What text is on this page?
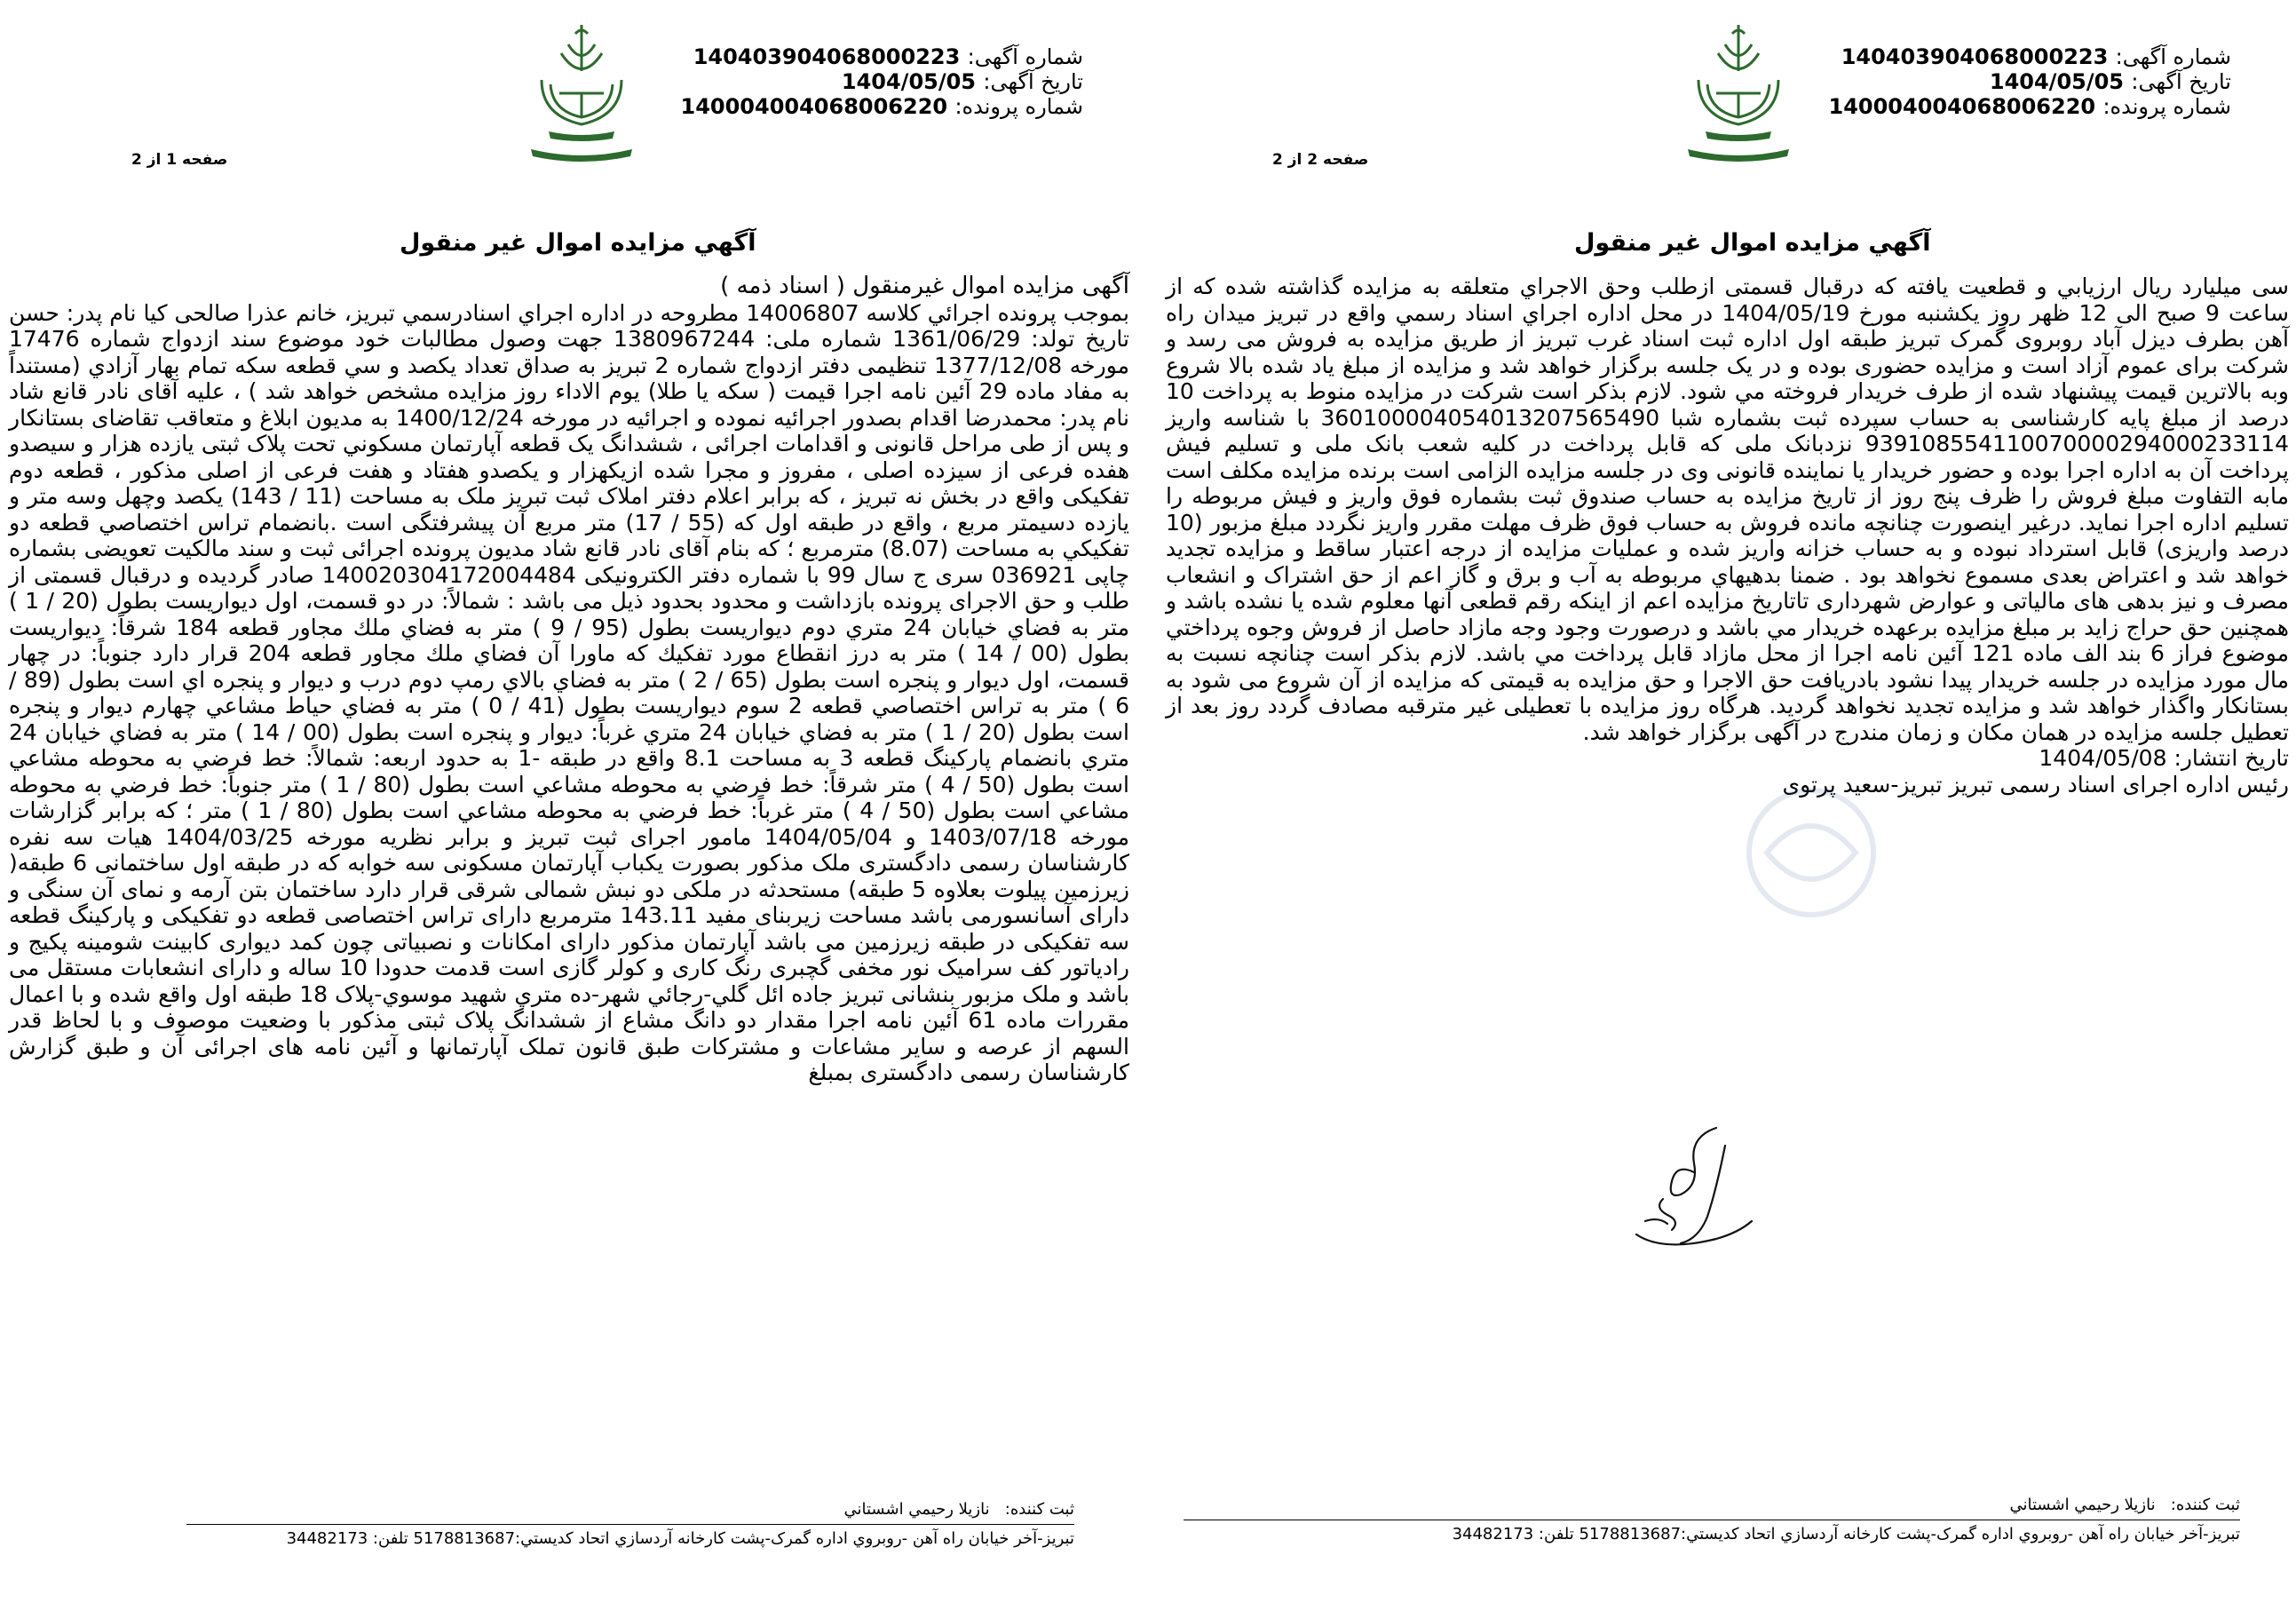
شماره آگهی: 140403904068000223
تاریخ آگهی: 1404/05/05
شماره پرونده: 140004004068006220
صفحه 1 از 2
آگهي مزايده اموال غير منقول

آگهی مزایده اموال غیرمنقول ( اسناد ذمه )

بموجب پرونده اجرائي کلاسه 14006807 مطروحه در اداره اجراي اسنادرسمي تبريز، خانم عذرا صالحی کیا نام پدر: حسن تاریخ تولد: 1361/06/29 شماره ملی: 1380967244 جهت وصول مطالبات خود موضوع سند ازدواج شماره 17476 مورخه 1377/12/08 تنظیمی دفتر ازدواج شماره 2 تبریز به صداق تعداد يكصد و سي قطعه سكه تمام بهار آزادي (مستنداً به مفاد ماده 29 آئين نامه اجرا قيمت ( سكه يا طلا) يوم الاداء روز مزايده مشخص خواهد شد ) ، علیه آقای نادر قانع شاد نام پدر: محمدرضا اقدام بصدور اجرائیه نموده و اجرائیه در مورخه 1400/12/24 به مدیون ابلاغ و متعاقب تقاضای بستانکار و پس از طی مراحل قانونی و اقدامات اجرائی ، ششدانگ یک قطعه آپارتمان مسکوني تحت پلاک ثبتی یازده هزار و سیصدو هفده فرعی از سیزده اصلی ، مفروز و مجرا شده ازیکهزار و یکصدو هفتاد و هفت فرعی از اصلی مذکور ، قطعه دوم تفکیکی واقع در بخش نه تبریز ، که برابر اعلام دفتر املاک ثبت تبریز ملک به مساحت (11 / 143) یکصد وچهل وسه متر و یازده دسیمتر مربع ، واقع در طبقه اول که (55 / 17) متر مربع آن پیشرفتگی است .بانضمام تراس اختصاصي قطعه دو تفکیکي به مساحت (8.07) مترمربع ؛ که بنام آقای نادر قانع شاد مدیون پرونده اجرائی ثبت و سند مالکیت تعویضی بشماره چاپی 036921 سری ج سال 99 با شماره دفتر الکترونیکی 140020304172004484 صادر گردیده و درقبال قسمتی از طلب و حق الاجرای پرونده بازداشت و محدود بحدود ذیل می باشد : شمالاً: در دو قسمت، اول ديواريست بطول (20 / 1 ) متر به فضاي خيابان 24 متري دوم ديواريست بطول (95 / 9 ) متر به فضاي ملك مجاور قطعه 184 شرقاً: ديواريست بطول (00 / 14 ) متر به درز انقطاع مورد تفكيك كه ماورا آن فضاي ملك مجاور قطعه 204 قرار دارد جنوباً: در چهار قسمت، اول ديوار و پنجره است بطول (65 / 2 ) متر به فضاي بالاي رمپ دوم درب و ديوار و پنجره اي است بطول (89 / 6 ) متر به تراس اختصاصي قطعه 2 سوم ديواريست بطول (41 / 0 ) متر به فضاي حياط مشاعي چهارم ديوار و پنجره است بطول (20 / 1 ) متر به فضاي خيابان 24 متري غرباً: ديوار و پنجره است بطول (00 / 14 ) متر به فضاي خيابان 24 متري بانضمام پاركينگ قطعه 3 به مساحت 8.1 واقع در طبقه -1 به حدود اربعه: شمالاً: خط فرضي به محوطه مشاعي است بطول (50 / 4 ) متر شرقاً: خط فرضي به محوطه مشاعي است بطول (80 / 1 ) متر جنوباً: خط فرضي به محوطه مشاعي است بطول (50 / 4 ) متر غرباً: خط فرضي به محوطه مشاعي است بطول (80 / 1 ) متر ؛ که برابر گزارشات مورخه 1403/07/18 و 1404/05/04 مامور اجرای ثبت تبریز و برابر نظریه مورخه 1404/03/25 هیات سه نفره کارشناسان رسمی دادگستری ملک مذکور بصورت یکباب آپارتمان مسکونی سه خوابه که در طبقه اول ساختمانی 6 طبقه( زیرزمین پیلوت بعلاوه 5 طبقه) مستحدثه در ملکی دو نبش شمالی شرقی قرار دارد ساختمان بتن آرمه و نمای آن سنگی و دارای آسانسورمی باشد مساحت زیربنای مفید 143.11 مترمربع دارای تراس اختصاصی قطعه دو تفکیکی و پارکینگ قطعه سه تفکیکی در طبقه زیرزمین می باشد آپارتمان مذکور دارای امکانات و نصبیاتی چون کمد دیواری کابینت شومینه پکیج و رادیاتور کف سرامیک نور مخفی گچبری رنگ کاری و کولر گازی است قدمت حدودا 10 ساله و دارای انشعابات مستقل می باشد و ملک مزبور بنشانی تبریز جاده ائل گلي-رجائي شهر-ده متري شهيد موسوي-پلاک 18 طبقه اول واقع شده و با اعمال مقررات ماده 61 آئین نامه اجرا مقدار دو دانگ مشاع از ششدانگ پلاک ثبتی مذکور با وضعیت موصوف و با لحاظ قدر السهم از عرصه و سایر مشاعات و مشترکات طبق قانون تملک آپارتمانها و آئین نامه های اجرائی آن و طبق گزارش کارشناسان رسمی دادگستری بمبلغ

ثبت کننده:   نازیلا رحیمي اشستاني
تبريز-آخر خيابان راه آهن -روبروي اداره گمرک-پشت کارخانه آردسازي اتحاد کديستي:5178813687 تلفن: 34482173
شماره آگهی: 140403904068000223
تاریخ آگهی: 1404/05/05
شماره پرونده: 140004004068006220
صفحه 2 از 2
آگهي مزايده اموال غير منقول

سی میلیارد ریال ارزيابي و قطعيت يافته که درقبال قسمتی ازطلب وحق الاجراي متعلقه به مزايده گذاشته شده که از ساعت 9 صبح الی 12 ظهر روز یکشنبه مورخ 1404/05/19 در محل اداره اجراي اسناد رسمي واقع در تبریز میدان راه آهن بطرف دیزل آباد روبروی گمرک تبریز طبقه اول اداره ثبت اسناد غرب تبریز از طريق مزايده به فروش می رسد و شرکت برای عموم آزاد است و مزایده حضوری بوده و در یک جلسه برگزار خواهد شد و مزايده از مبلغ ياد شده بالا شروع وبه بالاترين قيمت پيشنهاد شده از طرف خريدار فروخته مي شود. لازم بذکر است شرکت در مزایده منوط به پرداخت 10 درصد از مبلغ پایه کارشناسی به حساب سپرده ثبت بشماره شبا 360100004054013207565490 با شناسه واریز 939108554110070000294000233114 نزدبانک ملی که قابل پرداخت در کلیه شعب بانک ملی و تسلیم فیش پرداخت آن به اداره اجرا بوده و حضور خریدار یا نماینده قانونی وی در جلسه مزایده الزامی است برنده مزايده مکلف است مابه التفاوت مبلغ فروش را ظرف پنج روز از تاريخ مزايده به حساب صندوق ثبت بشماره فوق واریز و فیش مربوطه را تسليم اداره اجرا نمايد. درغیر اینصورت چنانچه مانده فروش به حساب فوق ظرف مهلت مقرر واریز نگردد مبلغ مزبور (10 درصد واریزی) قابل استرداد نبوده و به حساب خزانه واریز شده و عملیات مزایده از درجه اعتبار ساقط و مزايده تجديد خواهد شد و اعتراض بعدی مسموع نخواهد بود . ضمنا بدهيهاي مربوطه به آب و برق و گاز اعم از حق اشتراک و انشعاب مصرف و نيز بدهی های مالیاتی و عوارض شهرداری تاتاریخ مزایده اعم از اینکه رقم قطعی آنها معلوم شده یا نشده باشد و همچنين حق حراج زايد بر مبلغ مزايده برعهده خريدار مي باشد و درصورت وجود وجه مازاد حاصل از فروش وجوه پرداختي موضوع فراز 6 بند الف ماده 121 آئين نامه اجرا از محل مازاد قابل پرداخت مي باشد. لازم بذکر است چنانچه نسبت به مال مورد مزايده در جلسه خريدار پيدا نشود بادريافت حق الاجرا و حق مزايده به قيمتی که مزايده از آن شروع می شود به بستانکار واگذار خواهد شد و مزايده تجديد نخواهد گرديد. هرگاه روز مزايده با تعطيلی غير مترقبه مصادف گردد روز بعد از تعطيل جلسه مزايده در همان مکان و زمان مندرج در آگهی برگزار خواهد شد.

تاریخ انتشار: 1404/05/08

رئیس اداره اجرای اسناد رسمی تبریز تبریز-سعید پرتوی

ثبت کننده:   نازیلا رحیمي اشستاني
تبريز-آخر خيابان راه آهن -روبروي اداره گمرک-پشت کارخانه آردسازي اتحاد کديستي:5178813687 تلفن: 34482173
